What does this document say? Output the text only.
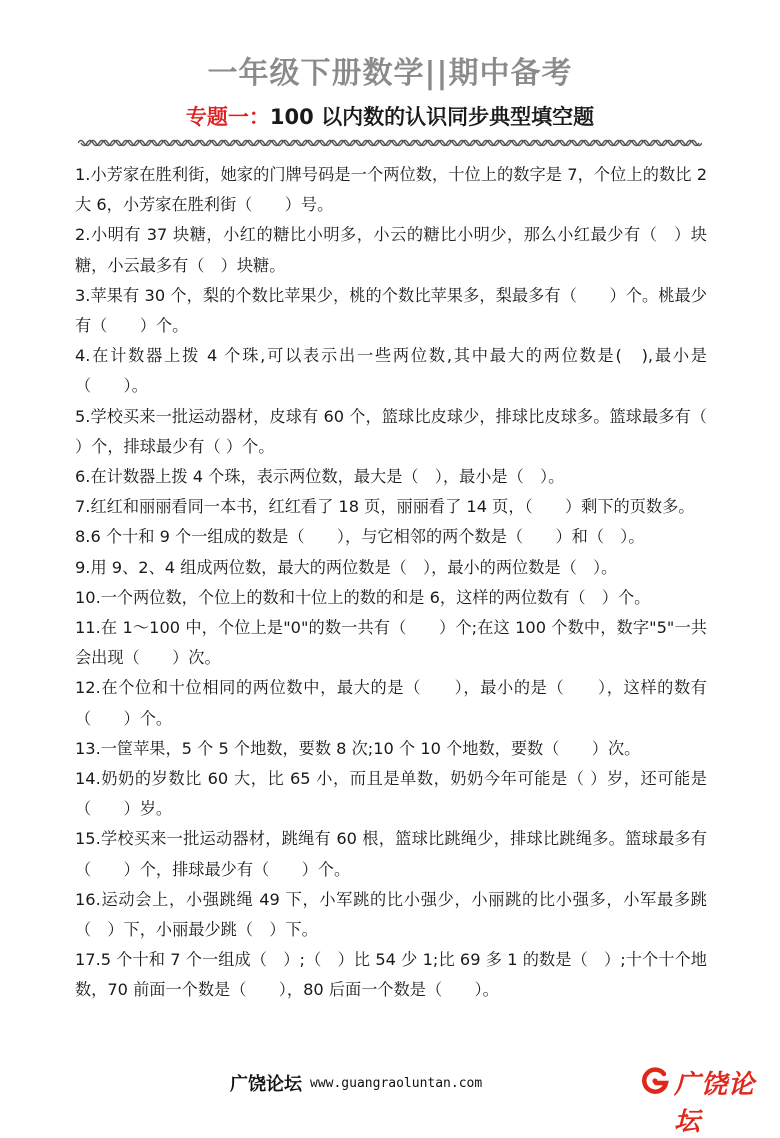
一年级下册数学||期中备考
专题一：100 以内数的认识同步典型填空题

1.小芳家在胜利街，她家的门牌号码是一个两位数，十位上的数字是 7，个位上的数比 2 大 6，小芳家在胜利街（　　）号。

2.小明有 37 块糖，小红的糖比小明多，小云的糖比小明少，那么小红最少有（　）块糖，小云最多有（　）块糖。

3.苹果有 30 个，梨的个数比苹果少，桃的个数比苹果多，梨最多有（　　）个。桃最少有（　　）个。

4.在计数器上拨 4 个珠,可以表示出一些两位数,其中最大的两位数是(　),最小是（　　）。

5.学校买来一批运动器材，皮球有 60 个，篮球比皮球少，排球比皮球多。篮球最多有（ ）个，排球最少有（ ）个。

6.在计数器上拨 4 个珠，表示两位数，最大是（　），最小是（　）。

7.红红和丽丽看同一本书，红红看了 18 页，丽丽看了 14 页，（　　）剩下的页数多。

8.6 个十和 9 个一组成的数是（　　），与它相邻的两个数是（　　）和（　）。

9.用 9、2、4 组成两位数，最大的两位数是（　），最小的两位数是（　）。

10.一个两位数，个位上的数和十位上的数的和是 6，这样的两位数有（　）个。

11.在 1～100 中，个位上是"0"的数一共有（　　）个;在这 100 个数中，数字"5"一共会出现（　　）次。

12.在个位和十位相同的两位数中，最大的是（　　），最小的是（　　），这样的数有（　　）个。

13.一筐苹果，5 个 5 个地数，要数 8 次;10 个 10 个地数，要数（　　）次。

14.奶奶的岁数比 60 大，比 65 小，而且是单数，奶奶今年可能是（ ）岁，还可能是（　　）岁。

15.学校买来一批运动器材，跳绳有 60 根，篮球比跳绳少，排球比跳绳多。篮球最多有（　　）个，排球最少有（　　）个。

16.运动会上，小强跳绳 49 下，小军跳的比小强少，小丽跳的比小强多，小军最多跳（　）下，小丽最少跳（　）下。

17.5 个十和 7 个一组成（　）;（　）比 54 少 1;比 69 多 1 的数是（　）;十个十个地数，70 前面一个数是（　　），80 后面一个数是（　　）。

广饶论坛 www.guangraoluntan.com	广饶论坛
